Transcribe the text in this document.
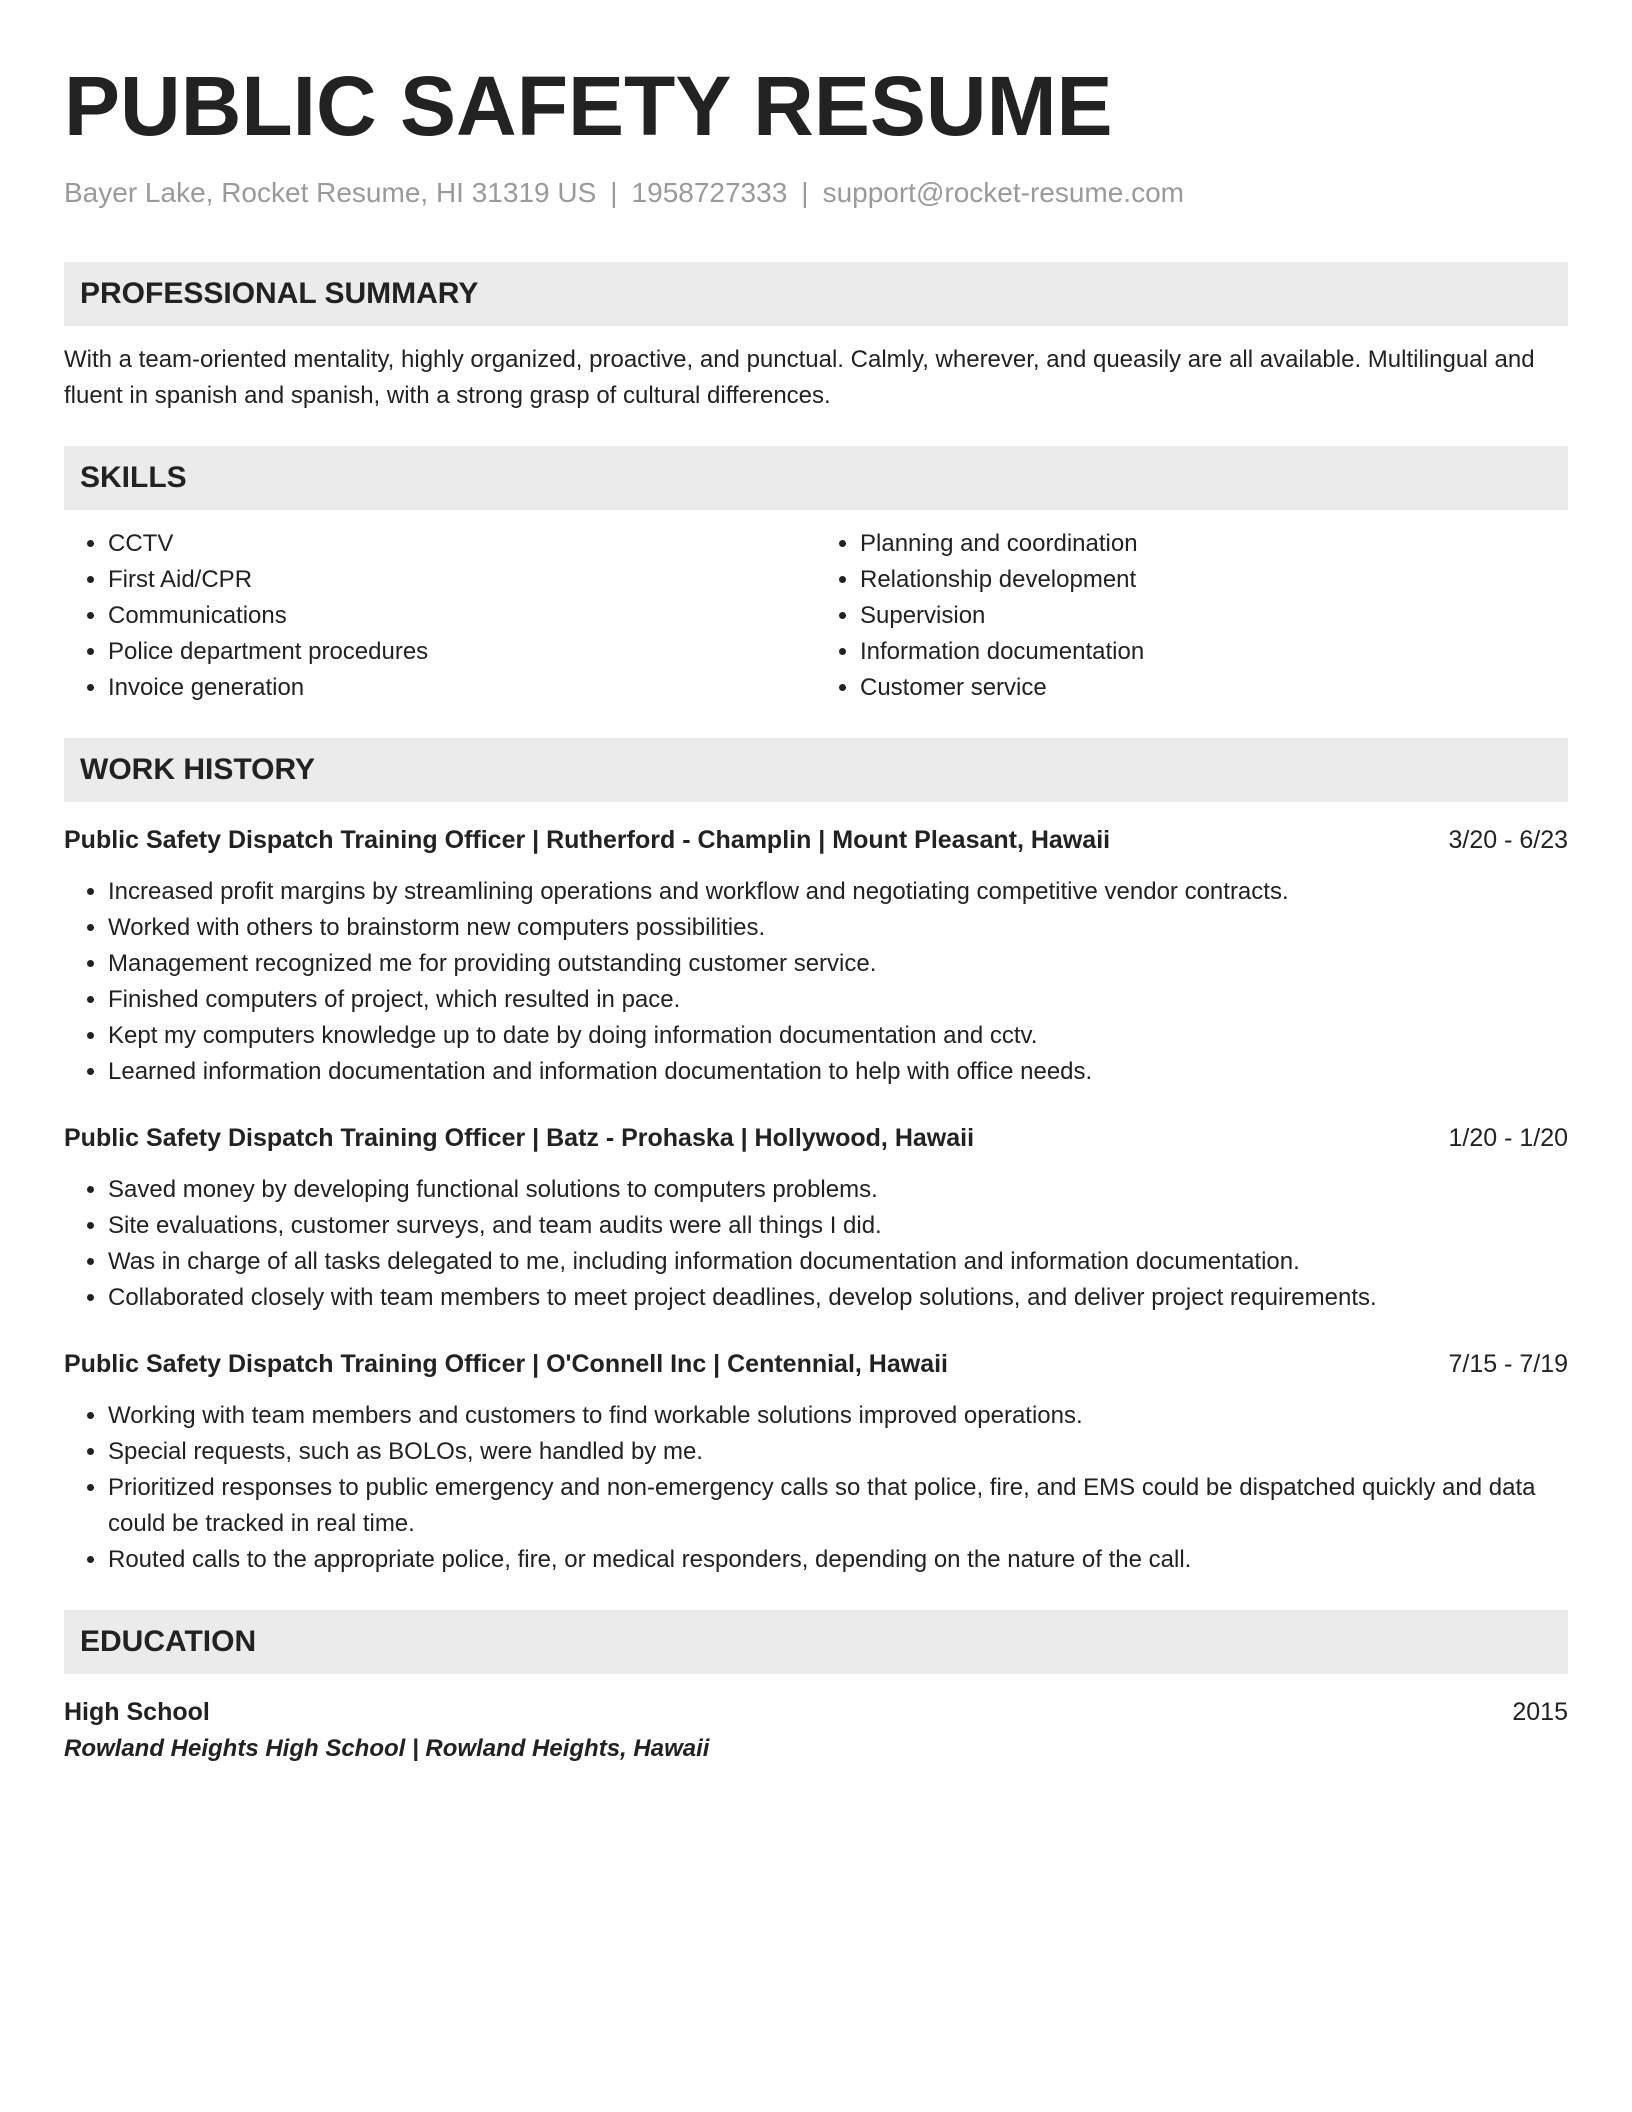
PUBLIC SAFETY RESUME
Bayer Lake, Rocket Resume, HI 31319 US | 1958727333 | support@rocket-resume.com
PROFESSIONAL SUMMARY
With a team-oriented mentality, highly organized, proactive, and punctual. Calmly, wherever, and queasily are all available. Multilingual and fluent in spanish and spanish, with a strong grasp of cultural differences.
SKILLS
• CCTV
• First Aid/CPR
• Communications
• Police department procedures
• Invoice generation
• Planning and coordination
• Relationship development
• Supervision
• Information documentation
• Customer service
WORK HISTORY
Public Safety Dispatch Training Officer | Rutherford - Champlin | Mount Pleasant, Hawaii	3/20 - 6/23
• Increased profit margins by streamlining operations and workflow and negotiating competitive vendor contracts.
• Worked with others to brainstorm new computers possibilities.
• Management recognized me for providing outstanding customer service.
• Finished computers of project, which resulted in pace.
• Kept my computers knowledge up to date by doing information documentation and cctv.
• Learned information documentation and information documentation to help with office needs.
Public Safety Dispatch Training Officer | Batz - Prohaska | Hollywood, Hawaii	1/20 - 1/20
• Saved money by developing functional solutions to computers problems.
• Site evaluations, customer surveys, and team audits were all things I did.
• Was in charge of all tasks delegated to me, including information documentation and information documentation.
• Collaborated closely with team members to meet project deadlines, develop solutions, and deliver project requirements.
Public Safety Dispatch Training Officer | O'Connell Inc | Centennial, Hawaii	7/15 - 7/19
• Working with team members and customers to find workable solutions improved operations.
• Special requests, such as BOLOs, were handled by me.
• Prioritized responses to public emergency and non-emergency calls so that police, fire, and EMS could be dispatched quickly and data could be tracked in real time.
• Routed calls to the appropriate police, fire, or medical responders, depending on the nature of the call.
EDUCATION
High School	2015
Rowland Heights High School | Rowland Heights, Hawaii
